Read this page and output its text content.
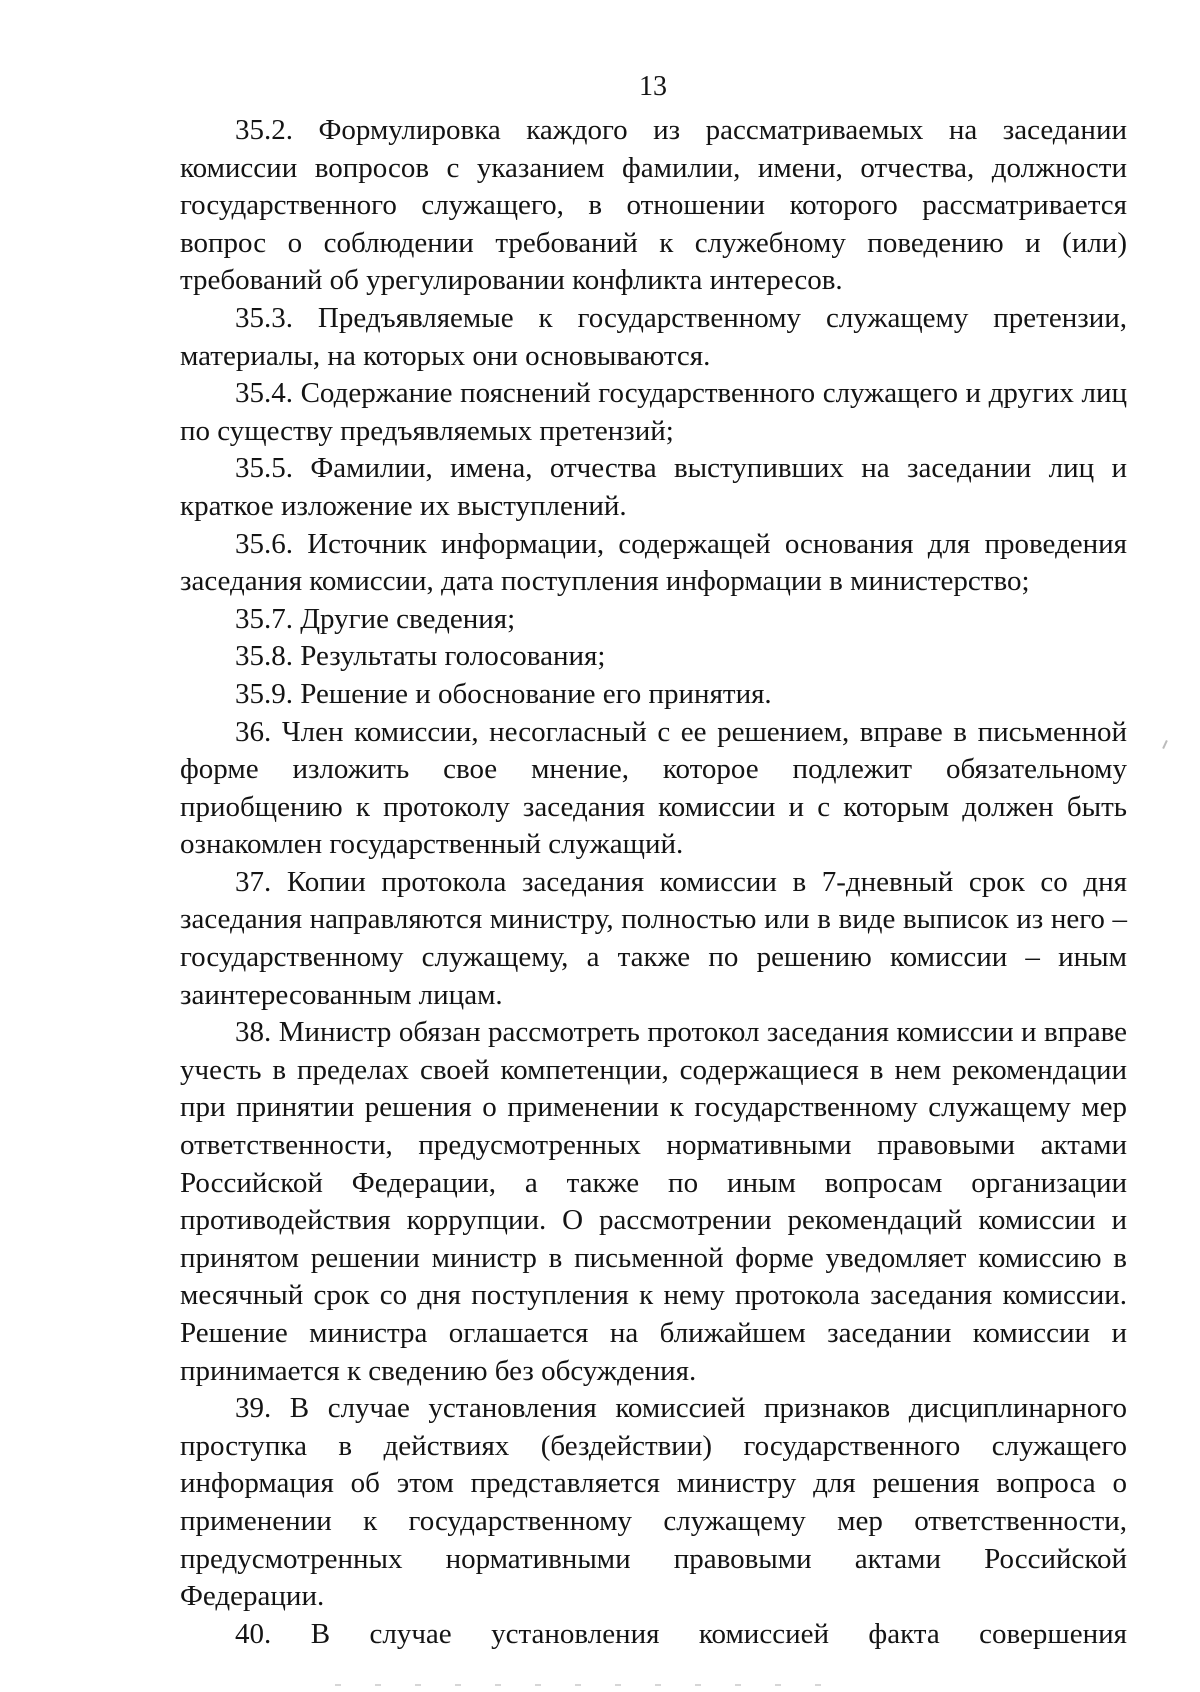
13

35.2. Формулировка каждого из рассматриваемых на заседании комиссии вопросов с указанием фамилии, имени, отчества, должности государственного служащего, в отношении которого рассматривается вопрос о соблюдении требований к служебному поведению и (или) требований об урегулировании конфликта интересов.

35.3. Предъявляемые к государственному служащему претензии, материалы, на которых они основываются.

35.4. Содержание пояснений государственного служащего и других лиц по существу предъявляемых претензий;

35.5. Фамилии, имена, отчества выступивших на заседании лиц и краткое изложение их выступлений.

35.6. Источник информации, содержащей основания для проведения заседания комиссии, дата поступления информации в министерство;

35.7. Другие сведения;

35.8. Результаты голосования;

35.9. Решение и обоснование его принятия.

36. Член комиссии, несогласный с ее решением, вправе в письменной форме изложить свое мнение, которое подлежит обязательному приобщению к протоколу заседания комиссии и с которым должен быть ознакомлен государственный служащий.

37. Копии протокола заседания комиссии в 7-дневный срок со дня заседания направляются министру, полностью или в виде выписок из него – государственному служащему, а также по решению комиссии – иным заинтересованным лицам.

38. Министр обязан рассмотреть протокол заседания комиссии и вправе учесть в пределах своей компетенции, содержащиеся в нем рекомендации при принятии решения о применении к государственному служащему мер ответственности, предусмотренных нормативными правовыми актами Российской Федерации, а также по иным вопросам организации противодействия коррупции. О рассмотрении рекомендаций комиссии и принятом решении министр в письменной форме уведомляет комиссию в месячный срок со дня поступления к нему протокола заседания комиссии. Решение министра оглашается на ближайшем заседании комиссии и принимается к сведению без обсуждения.

39. В случае установления комиссией признаков дисциплинарного проступка в действиях (бездействии) государственного служащего информация об этом представляется министру для решения вопроса о применении к государственному служащему мер ответственности, предусмотренных нормативными правовыми актами Российской Федерации.

40. В случае установления комиссией факта совершения
